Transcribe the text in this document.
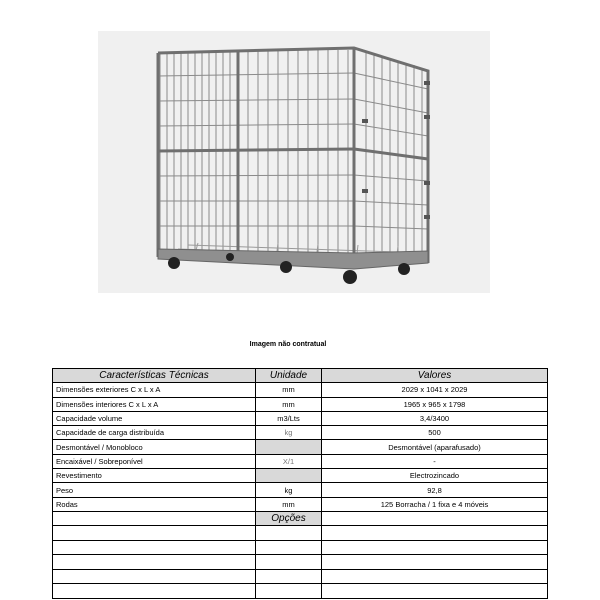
Imagem não contratual
Características Técnicas	Unidade	Valores
Dimensões exteriores C x L x A	mm	2029 x 1041 x 2029
Dimensões interiores C x L x A	mm	1965 x 965 x 1798
Capacidade volume	m3/Lts	3,4/3400
Capacidade de carga distribuída	kg	500
Desmontável / Monobloco		Desmontável (aparafusado)
Encaixável / Sobreponível	X/1	-
Revestimento		Electrozincado
Peso	kg	92,8
Rodas	mm	125 Borracha / 1 fixa e 4 móveis
	Opções	
